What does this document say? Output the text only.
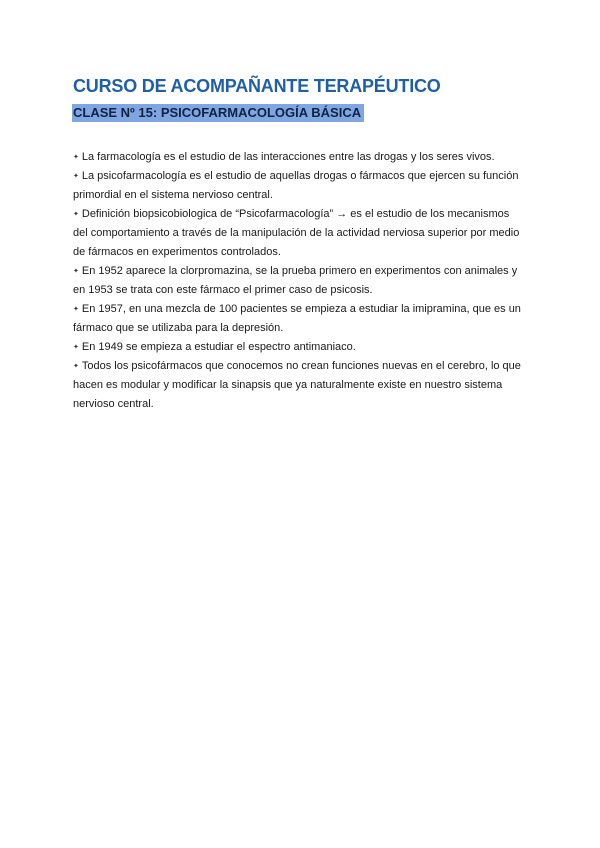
CURSO DE ACOMPAÑANTE TERAPÉUTICO
CLASE Nº 15: PSICOFARMACOLOGÍA BÁSICA

✦ La farmacología es el estudio de las interacciones entre las drogas y los seres vivos.

✦ La psicofarmacología es el estudio de aquellas drogas o fármacos que ejercen su función primordial en el sistema nervioso central.

✦ Definición biopsicobiologica de “Psicofarmacología” → es el estudio de los mecanismos del comportamiento a través de la manipulación de la actividad nerviosa superior por medio de fármacos en experimentos controlados.

✦ En 1952 aparece la clorpromazina, se la prueba primero en experimentos con animales y en 1953 se trata con este fármaco el primer caso de psicosis.

✦ En 1957, en una mezcla de 100 pacientes se empieza a estudiar la imipramina, que es un fármaco que se utilizaba para la depresión.

✦ En 1949 se empieza a estudiar el espectro antimaniaco.

✦ Todos los psicofármacos que conocemos no crean funciones nuevas en el cerebro, lo que hacen es modular y modificar la sinapsis que ya naturalmente existe en nuestro sistema nervioso central.
